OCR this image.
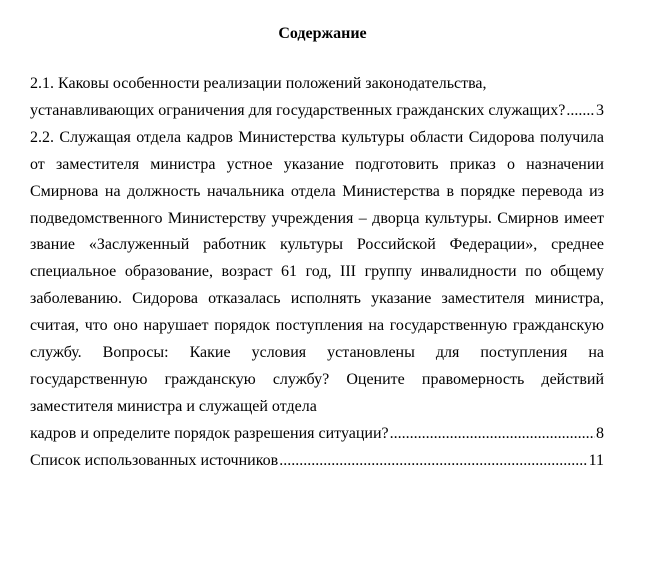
Содержание
2.1. Каковы особенности реализации положений законодательства,
устанавливающих ограничения для государственных гражданских служащих? ..... 3
2.2. Служащая отдела кадров Министерства культуры области Сидорова получила от заместителя министра устное указание подготовить приказ о назначении Смирнова на должность начальника отдела Министерства в порядке перевода из подведомственного Министерству учреждения – дворца культуры. Смирнов имеет звание «Заслуженный работник культуры Российской Федерации», среднее специальное образование, возраст 61 год, III группу инвалидности по общему заболеванию. Сидорова отказалась исполнять указание заместителя министра, считая, что оно нарушает порядок поступления на государственную гражданскую службу. Вопросы: Какие условия установлены для поступления на государственную гражданскую службу? Оцените правомерность действий заместителя министра и служащей отдела
кадров и определите порядок разрешения ситуации? .....	8
Список использованных источников .....	11
